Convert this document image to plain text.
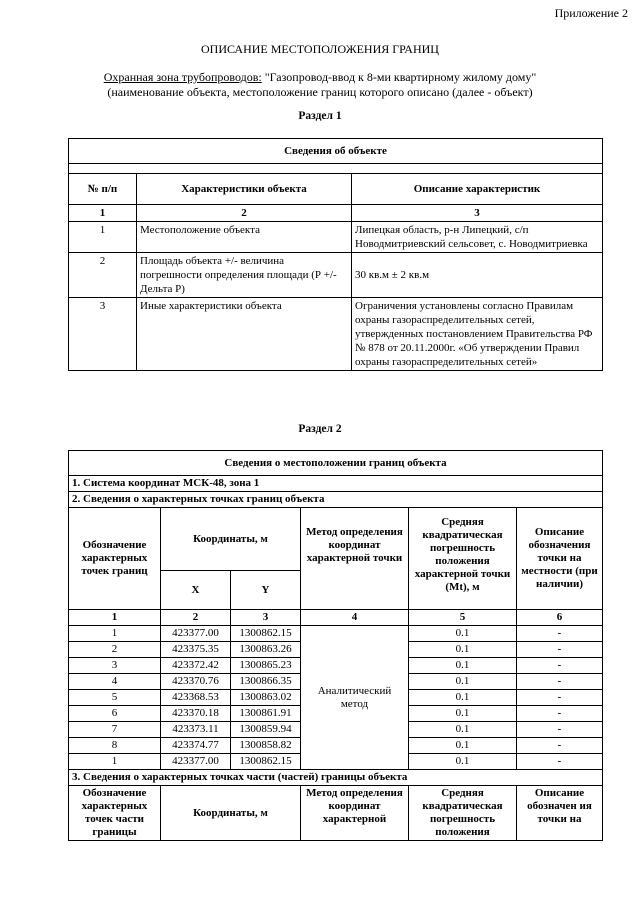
Приложение 2
ОПИСАНИЕ МЕСТОПОЛОЖЕНИЯ ГРАНИЦ
Охранная зона трубопроводов: "Газопровод-ввод к 8-ми квартирному жилому дому"
(наименование объекта, местоположение границ которого описано (далее - объект)
Раздел 1
Сведения об объекте		

№ п/п	Характеристики объекта	Описание характеристик
1	2	3
1	Местоположение объекта	Липецкая область, р-н Липецкий, с/п Новодмитриевский сельсовет, с. Новодмитриевка
2	Площадь объекта +/- величина погрешности определения площади (Р +/- Дельта Р)	30 кв.м ± 2 кв.м
3	Иные характеристики объекта	Ограничения установлены согласно Правилам охраны газораспределительных сетей, утвержденных постановлением Правительства РФ № 878 от 20.11.2000г. «Об утверждении Правил охраны газораспределительных сетей»
Раздел 2
Сведения о местоположении границ объекта					
1. Система координат МСК-48, зона 1					
2. Сведения о характерных точках границ объекта					
Обозначение характерных точек границ	Координаты, м		Метод определения координат характерной точки	Средняя квадратическая погрешность положения характерной точки (Mt), м	Описание обозначения точки на местности (при наличии)
	X	Y			
1	2	3	4	5	6
1	423377.00	1300862.15	Аналитический метод	0.1	-
2	423375.35	1300863.26		0.1	-
3	423372.42	1300865.23		0.1	-
4	423370.76	1300866.35		0.1	-
5	423368.53	1300863.02		0.1	-
6	423370.18	1300861.91		0.1	-
7	423373.11	1300859.94		0.1	-
8	423374.77	1300858.82		0.1	-
1	423377.00	1300862.15		0.1	-
3. Сведения о характерных точках части (частей) границы объекта					
Обозначение характерных точек части границы	Координаты, м		Метод определения координат характерной	Средняя квадратическая погрешность положения	Описание обозначен ия точки на
